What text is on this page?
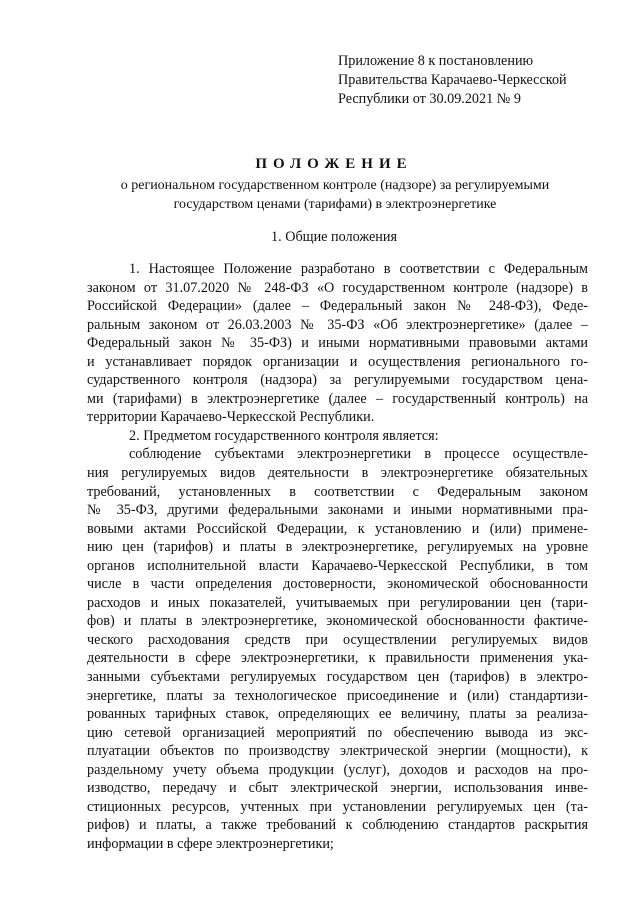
Приложение 8 к постановлению
Правительства Карачаево-Черкесской
Республики от 30.09.2021 № 9
ПОЛОЖЕНИЕ
о региональном государственном контроле (надзоре) за регулируемыми
государством ценами (тарифами) в электроэнергетике
1. Общие положения
1. Настоящее Положение разработано в соответствии с Федеральным
законом от 31.07.2020 № 248-ФЗ «О государственном контроле (надзоре) в
Российской Федерации» (далее – Федеральный закон № 248-ФЗ), Феде-
ральным законом от 26.03.2003 № 35-ФЗ «Об электроэнергетике» (далее –
Федеральный закон № 35-ФЗ) и иными нормативными правовыми актами
и устанавливает порядок организации и осуществления регионального го-
сударственного контроля (надзора) за регулируемыми государством цена-
ми (тарифами) в электроэнергетике (далее – государственный контроль) на
территории Карачаево-Черкесской Республики.
2. Предметом государственного контроля является:
соблюдение субъектами электроэнергетики в процессе осуществле-
ния регулируемых видов деятельности в электроэнергетике обязательных
требований, установленных в соответствии с Федеральным законом
№ 35-ФЗ, другими федеральными законами и иными нормативными пра-
вовыми актами Российской Федерации, к установлению и (или) примене-
нию цен (тарифов) и платы в электроэнергетике, регулируемых на уровне
органов исполнительной власти Карачаево-Черкесской Республики, в том
числе в части определения достоверности, экономической обоснованности
расходов и иных показателей, учитываемых при регулировании цен (тари-
фов) и платы в электроэнергетике, экономической обоснованности фактиче-
ческого расходования средств при осуществлении регулируемых видов
деятельности в сфере электроэнергетики, к правильности применения ука-
занными субъектами регулируемых государством цен (тарифов) в электро-
энергетике, платы за технологическое присоединение и (или) стандартизи-
рованных тарифных ставок, определяющих ее величину, платы за реализа-
цию сетевой организацией мероприятий по обеспечению вывода из экс-
плуатации объектов по производству электрической энергии (мощности), к
раздельному учету объема продукции (услуг), доходов и расходов на про-
изводство, передачу и сбыт электрической энергии, использования инве-
стиционных ресурсов, учтенных при установлении регулируемых цен (та-
рифов) и платы, а также требований к соблюдению стандартов раскрытия
информации в сфере электроэнергетики;
